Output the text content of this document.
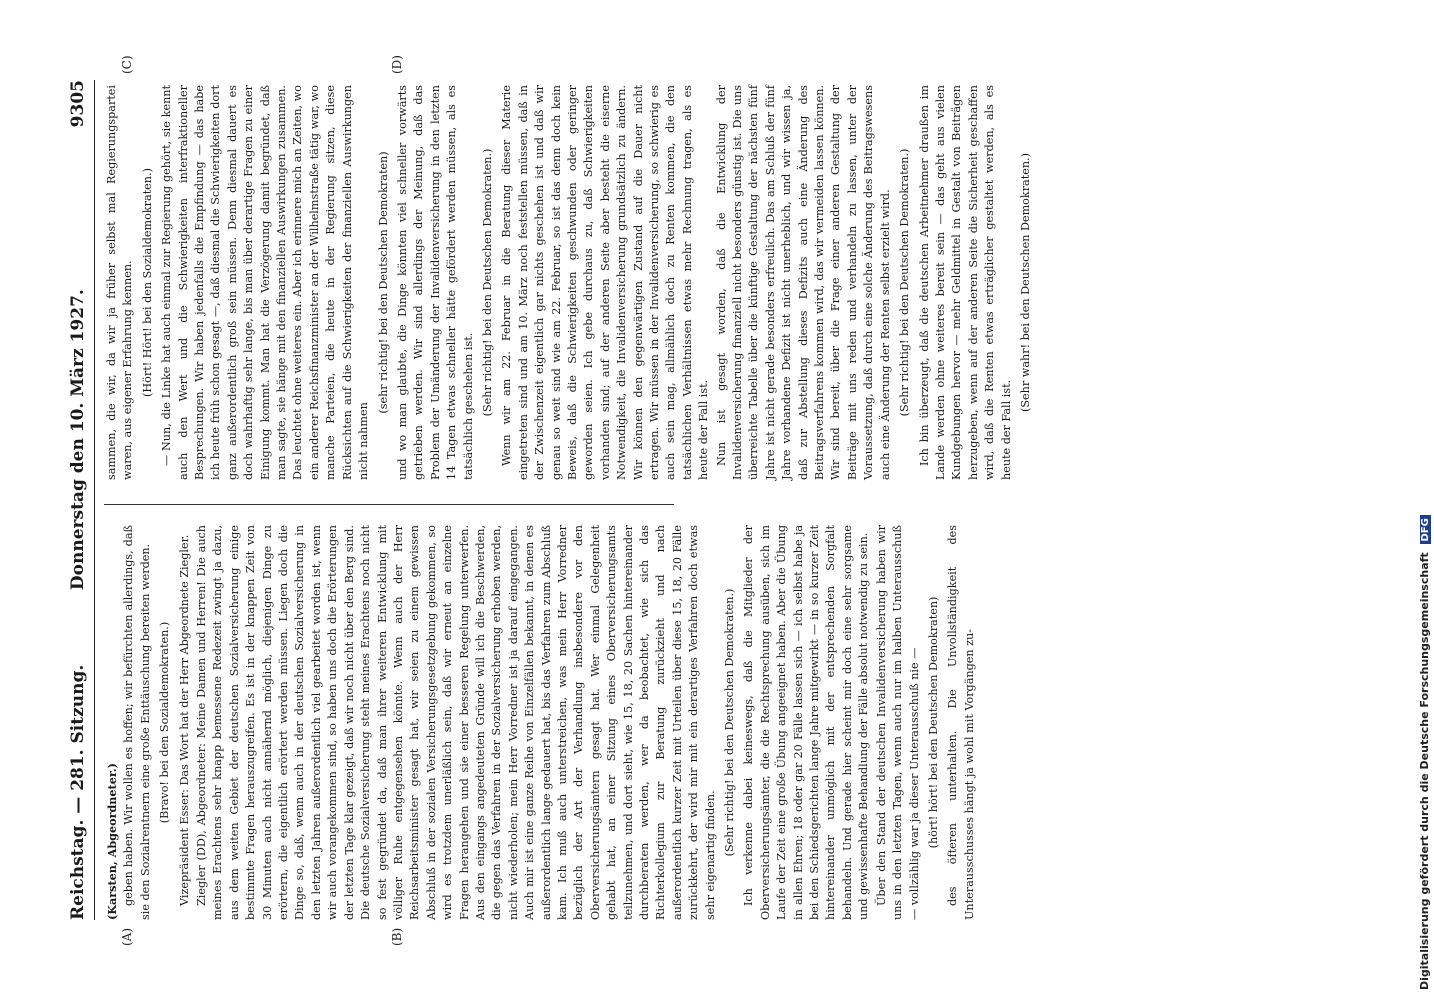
Reichstag. — 281. Sitzung.
Donnerstag den 10. März 1927.  9305

(Karsten, Abgeordneter.) geben haben. Wir wollen es hoffen; wir befürchten allerdings, daß sie den Sozialrentnern eine große Enttäuschung bereiten werden. (Bravo! bei den Sozialdemokraten.) Vizepräsident Esser: Das Wort hat der Herr Abgeordnete Ziegler. Ziegler (DD), Abgeordneter: Meine Damen und Herren! Die auch meines Erachtens sehr knapp bemessene Redezeit zwingt ja dazu, aus dem weiten Gebiet der deutschen Sozialversicherung einige bestimmte Fragen herauszugreifen. Es ist in der knappen Zeit von 30 Minuten auch nicht annähernd möglich, diejenigen Dinge zu erörtern, die eigentlich erörtert werden müssen. Liegen doch die Dinge so, daß, wenn auch in der deutschen Sozialversicherung in den letzten Jahren außerordentlich viel gearbeitet worden ist, wenn wir auch vorangekommen sind, so haben uns doch die Erörterungen der letzten Tage klar gezeigt, daß wir noch nicht über den Berg sind. Die deutsche Sozialversicherung steht meines Erachtens noch nicht so fest gegründet da, daß man ihrer weiteren Entwicklung mit völliger Ruhe entgegensehen könnte. Wenn auch der Herr Reichsarbeitsminister gesagt hat, wir seien zu einem gewissen Abschluß in der sozialen Versicherungsgesetzgebung gekommen, so wird es trotzdem unerläßlich sein, daß wir erneut an einzelne Fragen herangehen und sie einer besseren Regelung unterwerfen. Aus den eingangs angedeuteten Gründe will ich die Beschwerden, die gegen das Verfahren in der Sozialversicherung erhoben werden, nicht wiederholen; mein Herr Vorredner ist ja darauf eingegangen. Auch mir ist eine ganze Reihe von Einzelfällen bekannt, in denen es außerordentlich lange gedauert hat, bis das Verfahren zum Abschluß kam. Ich muß auch unterstreichen, was mein Herr Vorredner bezüglich der Art der Verhandlung insbesondere vor den Oberversicherungsämtern gesagt hat. Wer einmal Gelegenheit gehabt hat, an einer Sitzung eines Oberversicherungsamts teilzunehmen, und dort sieht, wie 15, 18, 20 Sachen hintereinander durchberaten werden, wer da beobachtet, wie sich das Richterkollegium zur Beratung zurückzieht und nach außerordentlich kurzer Zeit mit Urteilen über diese 15, 18, 20 Fälle zurückkehrt, der wird mir mit ein derartiges Verfahren doch etwas sehr eigenartig finden. (Sehr richtig! bei den Deutschen Demokraten.) Ich verkenne dabei keineswegs, daß die Mitglieder der Oberversicherungsämter, die die Rechtsprechung ausüben, sich im Laufe der Zeit eine große Übung angeeignet haben. Aber die Übung in allen Ehren; 18 oder gar 20 Fälle lassen sich — ich selbst habe ja bei den Schiedsgerichten lange Jahre mitgewirkt — in so kurzer Zeit hintereinander unmöglich mit der entsprechenden Sorgfalt behandeln. Und gerade hier scheint mir doch eine sehr sorgsame und gewissenhafte Behandlung der Fälle absolut notwendig zu sein. Über den Stand der deutschen Invalidenversicherung haben wir uns in den letzten Tagen, wenn auch nur im halben Unterausschuß — vollzählig war ja dieser Unterausschuß nie — (hört! hört! bei den Deutschen Demokraten) des öfteren unterhalten. Die Unvollständigkeit des Unterausschusses hängt ja wohl mit Vorgängen zu-

sammen, die wir, da wir ja früher selbst mal Regierungspartei waren, aus eigener Erfahrung kennen. (Hört! Hört! bei den Sozialdemokraten.) — Nun, die Linke hat auch einmal zur Regierung gehört, sie kennt auch den Wert und die Schwierigkeiten interfraktioneller Besprechungen. Wir haben jedenfalls die Empfindung — das habe ich heute früh schon gesagt —, daß diesmal die Schwierigkeiten dort ganz außerordentlich groß sein müssen. Denn diesmal dauert es doch wahrhaftig sehr lange, bis man über derartige Fragen zu einer Einigung kommt. Man hat die Verzögerung damit begründet, daß man sagte, sie hänge mit den finanziellen Auswirkungen zusammen. Das leuchtet ohne weiteres ein. Aber ich erinnere mich an Zeiten, wo ein anderer Reichsfinanzminister an der Wilhelmstraße tätig war, wo manche Parteien, die heute in der Regierung sitzen, diese Rücksichten auf die Schwierigkeiten der finanziellen Auswirkungen nicht nahmen

(sehr richtig! bei den Deutschen Demokraten) und wo man glaubte, die Dinge könnten viel schneller vorwärts getrieben werden. Wir sind allerdings der Meinung, daß das Problem der Umänderung der Invalidenversicherung in den letzten 14 Tagen etwas schneller hätte gefördert werden müssen, als es tatsächlich geschehen ist. (Sehr richtig! bei den Deutschen Demokraten.) Wenn wir am 22. Februar in die Beratung dieser Materie eingetreten sind und am 10. März noch feststellen müssen, daß in der Zwischenzeit eigentlich gar nichts geschehen ist und daß wir genau so weit sind wie am 22. Februar, so ist das denn doch kein Beweis, daß die Schwierigkeiten geschwunden oder geringer geworden seien. Ich gebe durchaus zu, daß Schwierigkeiten vorhanden sind; auf der anderen Seite aber besteht die eiserne Notwendigkeit, die Invalidenversicherung grundsätzlich zu ändern. Wir können den gegenwärtigen Zustand auf die Dauer nicht ertragen. Wir müssen in der Invalidenversicherung, so schwierig es auch sein mag, allmählich doch zu Renten kommen, die den tatsächlichen Verhältnissen etwas mehr Rechnung tragen, als es heute der Fall ist. Nun ist gesagt worden, daß die Entwicklung der Invalidenversicherung finanziell nicht besonders günstig ist. Die uns überreichte Tabelle über die künftige Gestaltung der nächsten fünf Jahre ist nicht gerade besonders erfreulich. Das am Schluß der fünf Jahre vorhandene Defizit ist nicht unerheblich, und wir wissen ja, daß zur Abstellung dieses Defizits auch eine Änderung des Beitragsverfahrens kommen wird, das wir vermeiden lassen können. Wir sind bereit, über die Frage einer anderen Gestaltung der Beiträge mit uns reden und verhandeln zu lassen, unter der Voraussetzung, daß durch eine solche Änderung des Beitragswesens auch eine Änderung der Renten selbst erzielt wird. (Sehr richtig! bei den Deutschen Demokraten.) Ich bin überzeugt, daß die deutschen Arbeitnehmer draußen im Lande werden ohne weiteres bereit sein — das geht aus vielen Kundgebungen hervor — mehr Geldmittel in Gestalt von Beiträgen herzugeben, wenn auf der anderen Seite die Sicherheit geschaffen wird, daß die Renten etwas erträglicher gestaltet werden, als es heute der Fall ist.

(Sehr wahr! bei den Deutschen Demokraten.)

(A)	(B)
(C)	(D)
Digitalisierung gefördert durch die Deutsche Forschungsgemeinschaft DFG
